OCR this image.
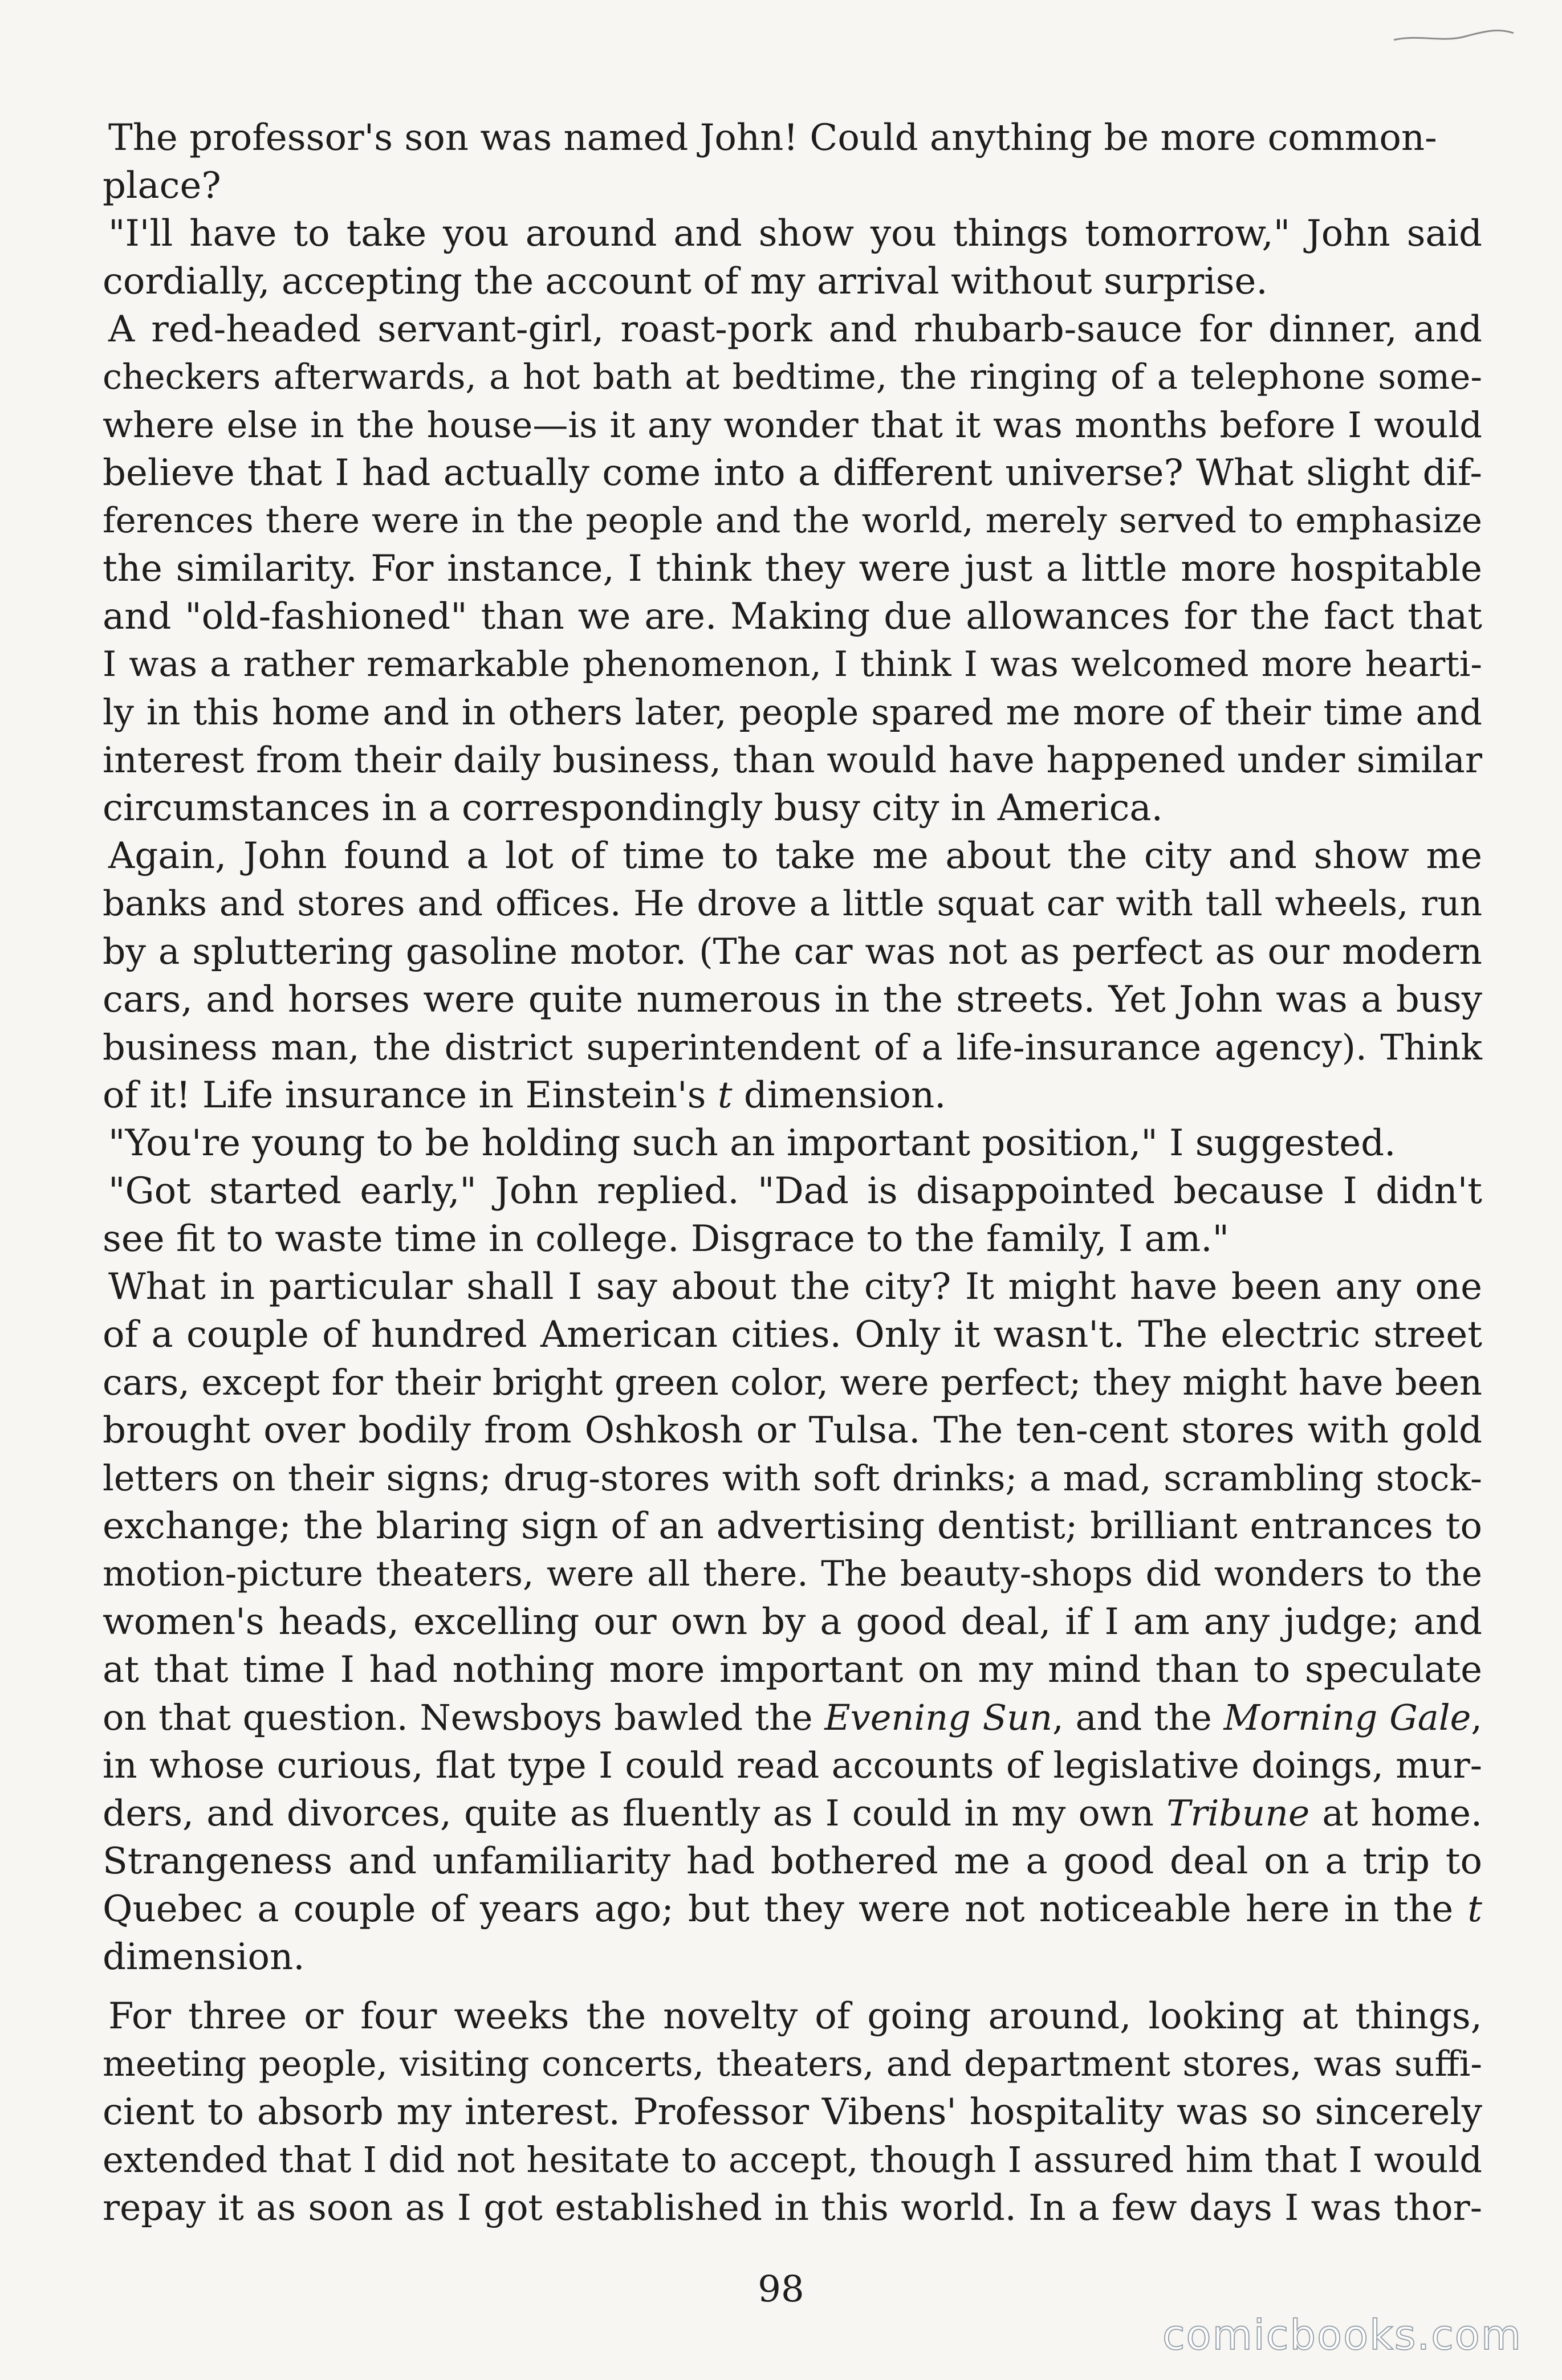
The professor's son was named John! Could anything be more common-
place?
"I'll have to take you around and show you things tomorrow," John said
cordially, accepting the account of my arrival without surprise.
A red-headed servant-girl, roast-pork and rhubarb-sauce for dinner, and
checkers afterwards, a hot bath at bedtime, the ringing of a telephone some-
where else in the house—is it any wonder that it was months before I would
believe that I had actually come into a different universe? What slight dif-
ferences there were in the people and the world, merely served to emphasize
the similarity. For instance, I think they were just a little more hospitable
and "old-fashioned" than we are. Making due allowances for the fact that
I was a rather remarkable phenomenon, I think I was welcomed more hearti-
ly in this home and in others later, people spared me more of their time and
interest from their daily business, than would have happened under similar
circumstances in a correspondingly busy city in America.
Again, John found a lot of time to take me about the city and show me
banks and stores and offices. He drove a little squat car with tall wheels, run
by a spluttering gasoline motor. (The car was not as perfect as our modern
cars, and horses were quite numerous in the streets. Yet John was a busy
business man, the district superintendent of a life-insurance agency). Think
of it! Life insurance in Einstein's t dimension.
"You're young to be holding such an important position," I suggested.
"Got started early," John replied. "Dad is disappointed because I didn't
see fit to waste time in college. Disgrace to the family, I am."
What in particular shall I say about the city? It might have been any one
of a couple of hundred American cities. Only it wasn't. The electric street
cars, except for their bright green color, were perfect; they might have been
brought over bodily from Oshkosh or Tulsa. The ten-cent stores with gold
letters on their signs; drug-stores with soft drinks; a mad, scrambling stock-
exchange; the blaring sign of an advertising dentist; brilliant entrances to
motion-picture theaters, were all there. The beauty-shops did wonders to the
women's heads, excelling our own by a good deal, if I am any judge; and
at that time I had nothing more important on my mind than to speculate
on that question. Newsboys bawled the Evening Sun, and the Morning Gale,
in whose curious, flat type I could read accounts of legislative doings, mur-
ders, and divorces, quite as fluently as I could in my own Tribune at home.
Strangeness and unfamiliarity had bothered me a good deal on a trip to
Quebec a couple of years ago; but they were not noticeable here in the t
dimension.
For three or four weeks the novelty of going around, looking at things,
meeting people, visiting concerts, theaters, and department stores, was suffi-
cient to absorb my interest. Professor Vibens' hospitality was so sincerely
extended that I did not hesitate to accept, though I assured him that I would
repay it as soon as I got established in this world. In a few days I was thor-
98
comicbooks.com
